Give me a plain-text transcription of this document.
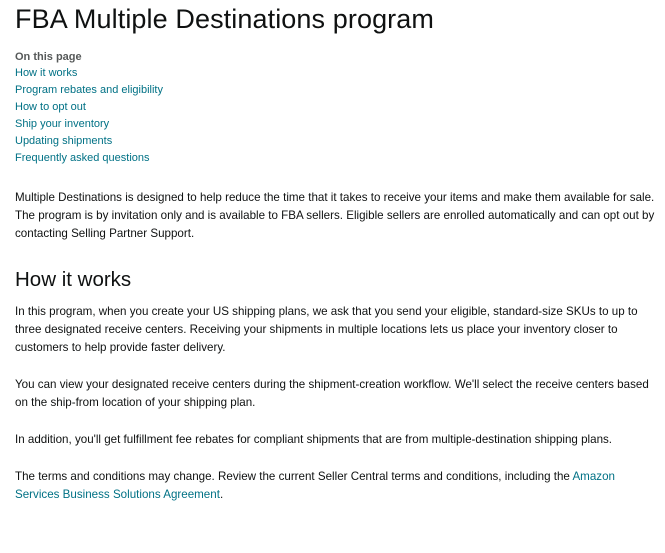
FBA Multiple Destinations program
On this page
How it works
Program rebates and eligibility
How to opt out
Ship your inventory
Updating shipments
Frequently asked questions

Multiple Destinations is designed to help reduce the time that it takes to receive your items and make them available for sale. The program is by invitation only and is available to FBA sellers. Eligible sellers are enrolled automatically and can opt out by contacting Selling Partner Support.

How it works

In this program, when you create your US shipping plans, we ask that you send your eligible, standard-size SKUs to up to three designated receive centers. Receiving your shipments in multiple locations lets us place your inventory closer to customers to help provide faster delivery.

You can view your designated receive centers during the shipment-creation workflow. We'll select the receive centers based on the ship-from location of your shipping plan.

In addition, you'll get fulfillment fee rebates for compliant shipments that are from multiple-destination shipping plans.

The terms and conditions may change. Review the current Seller Central terms and conditions, including the Amazon Services Business Solutions Agreement.
